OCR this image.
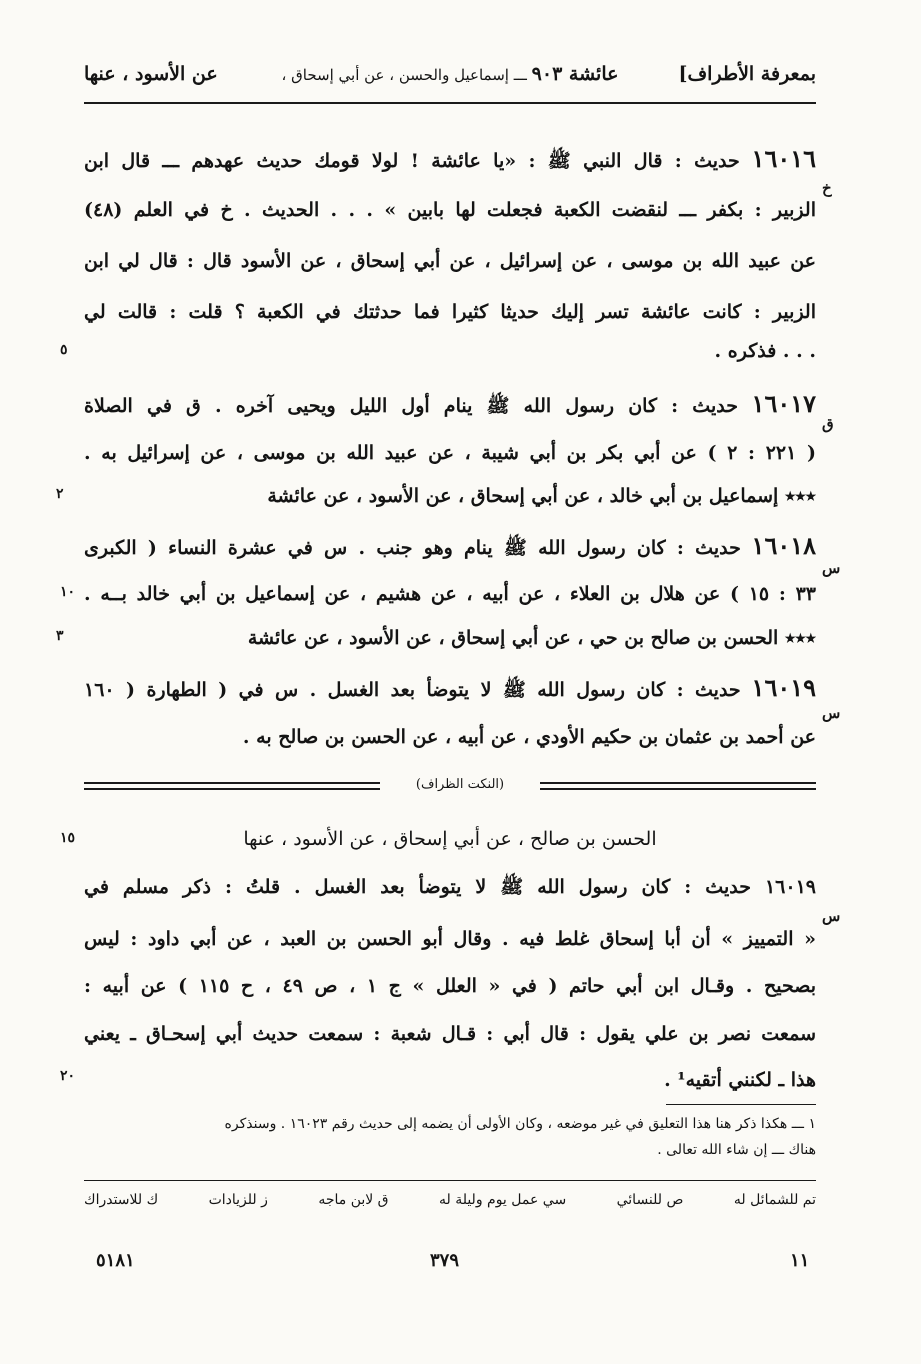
بمعرفة الأطراف]
عائشة ٩٠٣ ـــ إسماعيل والحسن ، عن أبي إسحاق ،
عن الأسود ، عنها
١٦٠١٦ حديث : قال النبي ﷺ : «يا عائشة ! لولا قومك حديث عهدهم ـــ قال ابن
الزبير : بكفر ـــ لنقضت الكعبة فجعلت لها بابين » . . . الحديث . خ في العلم (٤٨)
عن عبيد الله بن موسى ، عن إسرائيل ، عن أبي إسحاق ، عن الأسود قال : قال لي ابن
الزبير : كانت عائشة تسر إليك حديثا كثيرا فما حدثتك في الكعبة ؟ قلت : قالت لي
. . . فذكره .
١٦٠١٧ حديث : كان رسول الله ﷺ ينام أول الليل ويحيى آخره . ق في الصلاة
( ٢٢١ : ٢ ) عن أبي بكر بن أبي شيبة ، عن عبيد الله بن موسى ، عن إسرائيل به .
٭٭٭ إسماعيل بن أبي خالد ، عن أبي إسحاق ، عن الأسود ، عن عائشة
١٦٠١٨ حديث : كان رسول الله ﷺ ينام وهو جنب . س في عشرة النساء ( الكبرى
٣٣ : ١٥ ) عن هلال بن العلاء ، عن أبيه ، عن هشيم ، عن إسماعيل بن أبي خالد بــه .
٭٭٭ الحسن بن صالح بن حي ، عن أبي إسحاق ، عن الأسود ، عن عائشة
١٦٠١٩ حديث : كان رسول الله ﷺ لا يتوضأ بعد الغسل . س في ( الطهارة ( ١٦٠
عن أحمد بن عثمان بن حكيم الأودي ، عن أبيه ، عن الحسن بن صالح به .
خ
ق
س
س
٥
٢
١٠
٣
(النكت الظراف)
الحسن بن صالح ، عن أبي إسحاق ، عن الأسود ، عنها
١٥
١٦٠١٩ حديث : كان رسول الله ﷺ لا يتوضأ بعد الغسل . قلتُ : ذكر مسلم في
« التمييز » أن أبا إسحاق غلط فيه . وقال أبو الحسن بن العبد ، عن أبي داود : ليس
بصحيح . وقـال ابن أبي حاتم ( في « العلل » ج ١ ، ص ٤٩ ، ح ١١٥ ) عن أبيه :
سمعت نصر بن علي يقول : قال أبي : قـال شعبة : سمعت حديث أبي إسحـاق ـ يعني
هذا ـ لكنني أتقيه¹ .
س
٢٠
١ ـــ هكذا ذكر هنا هذا التعليق في غير موضعه ، وكان الأولى أن يضمه إلى حديث رقم ١٦٠٢٣ . وسنذكره
هناك ـــ إن شاء الله تعالى .
تم للشمائل له
ص للنسائي
سي عمل يوم وليلة له
ق لابن ماجه
ز للزيادات
ك للاستدراك
١١
٣٧٩
٥١٨١
